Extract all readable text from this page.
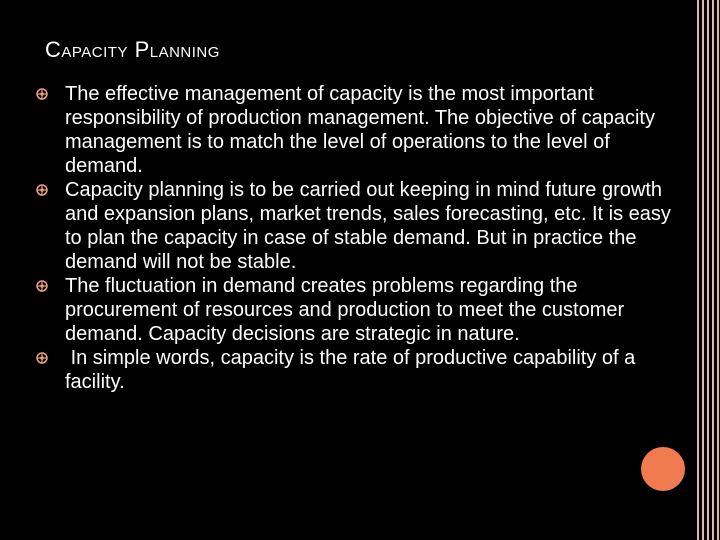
Capacity Planning
The effective management of capacity is the most important responsibility of production management. The objective of capacity management is to match the level of operations to the level of demand.
Capacity planning is to be carried out keeping in mind future growth and expansion plans, market trends, sales forecasting, etc. It is easy to plan the capacity in case of stable demand. But in practice the demand will not be stable.
The fluctuation in demand creates problems regarding the procurement of resources and production to meet the customer demand. Capacity decisions are strategic in nature.
In simple words, capacity is the rate of productive capability of a facility.
